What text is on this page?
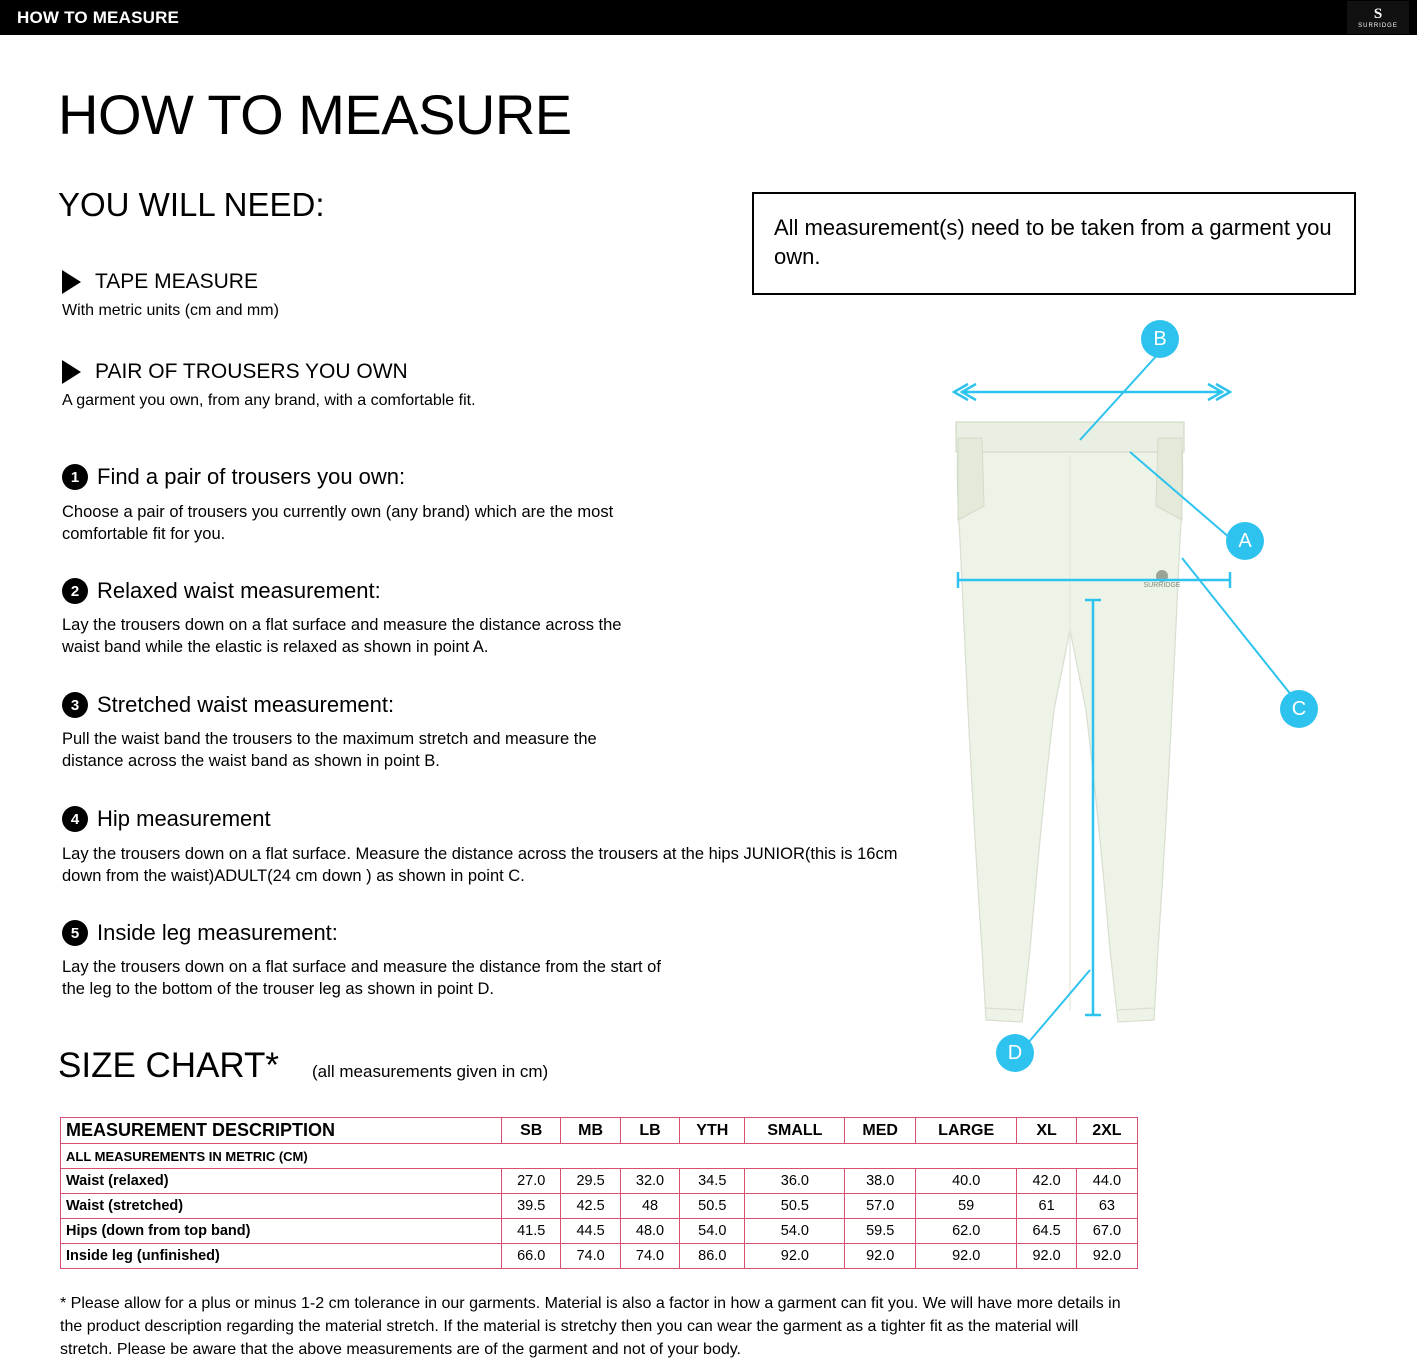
HOW TO MEASURE	S
SURRIDGE
HOW TO MEASURE
YOU WILL NEED:
TAPE MEASURE
With metric units (cm and mm)
PAIR OF TROUSERS YOU OWN
A garment you own, from any brand, with a comfortable fit.
All measurement(s) need to be taken from a garment you own.
1 Find a pair of trousers you own:
Choose a pair of trousers you currently own (any brand) which are the most comfortable fit for you.
2 Relaxed waist measurement:
Lay the trousers down on a flat surface and measure the distance across the waist band while the elastic is relaxed as shown in point A.
3 Stretched waist measurement:
Pull the waist band the trousers to the maximum stretch and measure the distance across the waist band as shown in point B.
4 Hip measurement
Lay the trousers down on a flat surface. Measure the distance across the trousers at the hips JUNIOR(this is 16cm down from the waist)ADULT(24 cm down ) as shown in point C.
5 Inside leg measurement:
Lay the trousers down on a flat surface and measure the distance from the start of the leg to the bottom of the trouser leg as shown in point D.
SURRIDGE
B
A
C
D
SIZE CHART* (all measurements given in cm)
MEASUREMENT DESCRIPTION	SB	MB	LB	YTH	SMALL	MED	LARGE	XL	2XL
ALL MEASUREMENTS IN METRIC (CM)									
Waist (relaxed)	27.0	29.5	32.0	34.5	36.0	38.0	40.0	42.0	44.0
Waist (stretched)	39.5	42.5	48	50.5	50.5	57.0	59	61	63
Hips (down from top band)	41.5	44.5	48.0	54.0	54.0	59.5	62.0	64.5	67.0
Inside leg (unfinished)	66.0	74.0	74.0	86.0	92.0	92.0	92.0	92.0	92.0
* Please allow for a plus or minus 1-2 cm tolerance in our garments. Material is also a factor in how a garment can fit you. We will have more details in the product description regarding the material stretch. If the material is stretchy then you can wear the garment as a tighter fit as the material will stretch. Please be aware that the above measurements are of the garment and not of your body.
